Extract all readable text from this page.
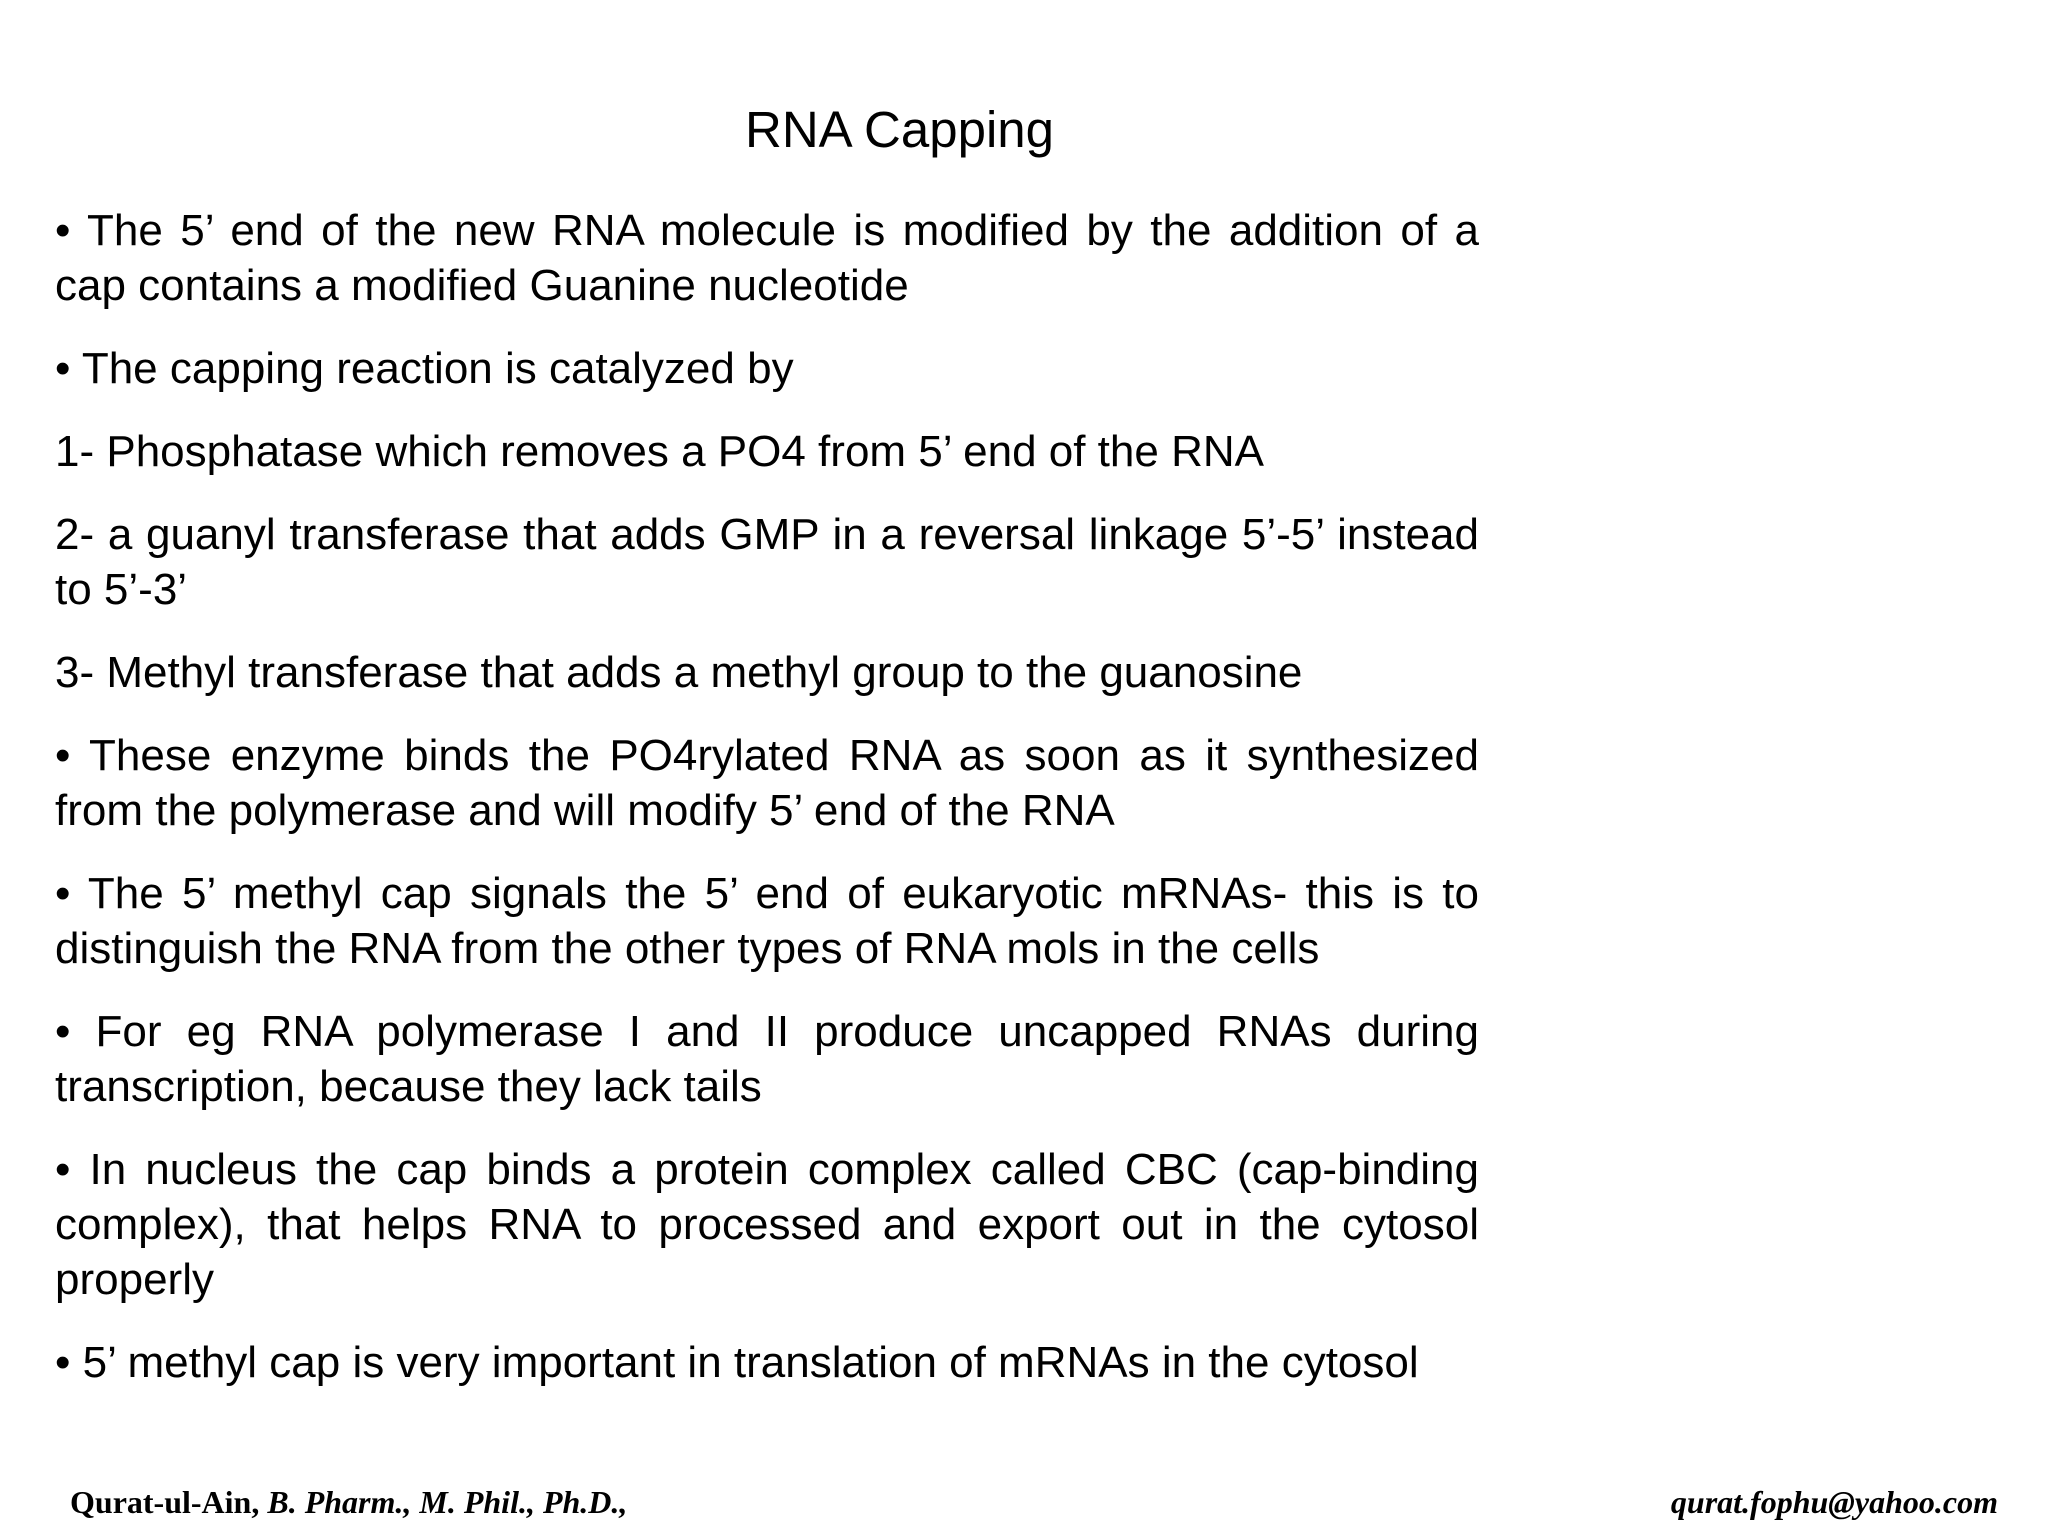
RNA Capping

• The 5’ end of the new RNA molecule is modified by the addition of a cap contains a modified Guanine nucleotide

• The capping reaction is catalyzed by

1- Phosphatase which removes a PO4 from 5’ end of the RNA

2- a guanyl transferase that adds GMP in a reversal linkage 5’-5’ instead to 5’-3’

3- Methyl transferase that adds a methyl group to the guanosine

• These enzyme binds the PO4rylated RNA as soon as it synthesized from the polymerase and will modify 5’ end of the RNA

• The 5’ methyl cap signals the 5’ end of eukaryotic mRNAs- this is to distinguish the RNA from the other types of RNA mols in the cells

• For eg RNA polymerase I and II produce uncapped RNAs during transcription, because they lack tails

• In nucleus the cap binds a protein complex called CBC (cap-binding complex), that helps RNA to processed and export out in the cytosol properly

• 5’ methyl cap is very important in translation of mRNAs in the cytosol

Qurat-ul-Ain, B. Pharm., M. Phil., Ph.D.,	qurat.fophu@yahoo.com
